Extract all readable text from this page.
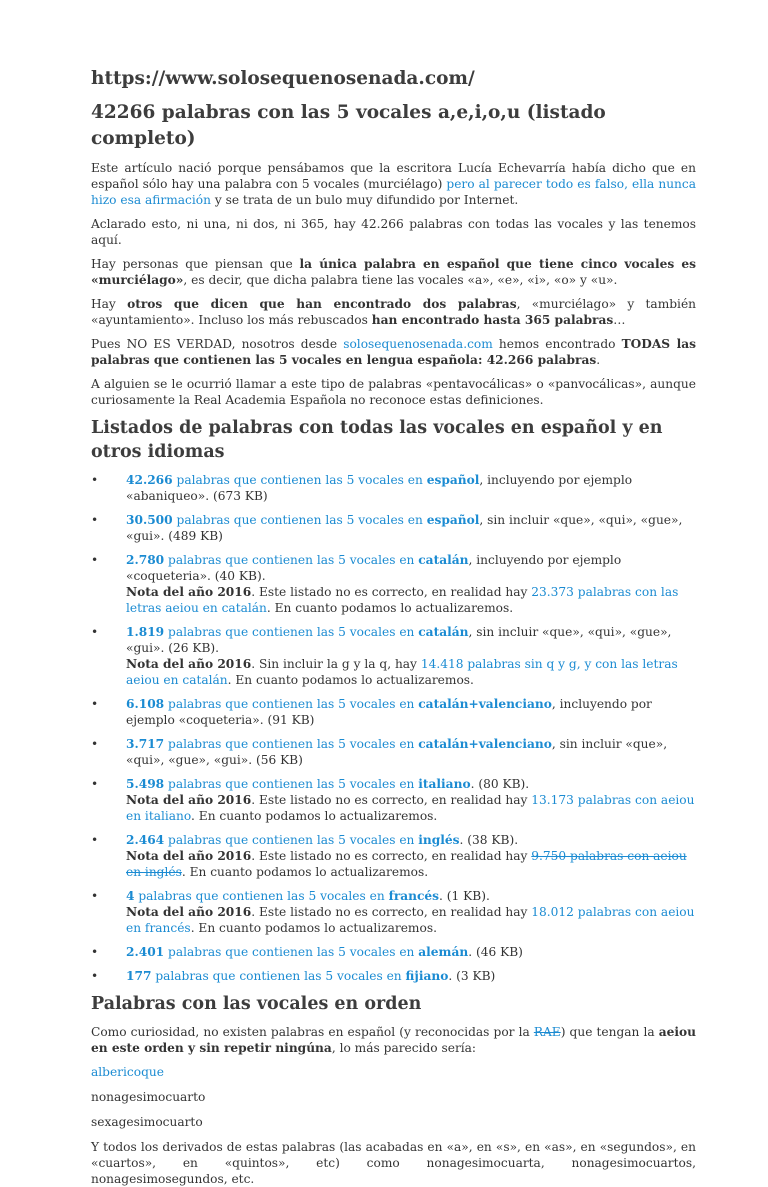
https://www.solosequenosenada.com/
42266 palabras con las 5 vocales a,e,i,o,u (listado completo)

Este artículo nació porque pensábamos que la escritora Lucía Echevarría había dicho que en español sólo hay una palabra con 5 vocales (murciélago) pero al parecer todo es falso, ella nunca hizo esa afirmación y se trata de un bulo muy difundido por Internet.

Aclarado esto, ni una, ni dos, ni 365, hay 42.266 palabras con todas las vocales y las tenemos aquí.

Hay personas que piensan que la única palabra en español que tiene cinco vocales es «murciélago», es decir, que dicha palabra tiene las vocales «a», «e», «i», «o» y «u».

Hay otros que dicen que han encontrado dos palabras, «murciélago» y también «ayuntamiento». Incluso los más rebuscados han encontrado hasta 365 palabras…

Pues NO ES VERDAD, nosotros desde solosequenosenada.com hemos encontrado TODAS las palabras que contienen las 5 vocales en lengua española: 42.266 palabras.

A alguien se le ocurrió llamar a este tipo de palabras «pentavocálicas» o «panvocálicas», aunque curiosamente la Real Academia Española no reconoce estas definiciones.

Listados de palabras con todas las vocales en español y en otros idiomas
• 42.266 palabras que contienen las 5 vocales en español, incluyendo por ejemplo «abaniqueo». (673 KB)
• 30.500 palabras que contienen las 5 vocales en español, sin incluir «que», «qui», «gue», «gui». (489 KB)
• 2.780 palabras que contienen las 5 vocales en catalán, incluyendo por ejemplo «coqueteria». (40 KB).
Nota del año 2016. Este listado no es correcto, en realidad hay 23.373 palabras con las letras aeiou en catalán. En cuanto podamos lo actualizaremos.
• 1.819 palabras que contienen las 5 vocales en catalán, sin incluir «que», «qui», «gue», «gui». (26 KB).
Nota del año 2016. Sin incluir la g y la q, hay 14.418 palabras sin q y g, y con las letras aeiou en catalán. En cuanto podamos lo actualizaremos.
• 6.108 palabras que contienen las 5 vocales en catalán+valenciano, incluyendo por ejemplo «coqueteria». (91 KB)
• 3.717 palabras que contienen las 5 vocales en catalán+valenciano, sin incluir «que», «qui», «gue», «gui». (56 KB)
• 5.498 palabras que contienen las 5 vocales en italiano. (80 KB).
Nota del año 2016. Este listado no es correcto, en realidad hay 13.173 palabras con aeiou en italiano. En cuanto podamos lo actualizaremos.
• 2.464 palabras que contienen las 5 vocales en inglés. (38 KB).
Nota del año 2016. Este listado no es correcto, en realidad hay 9.750 palabras con aeiou en inglés. En cuanto podamos lo actualizaremos.
• 4 palabras que contienen las 5 vocales en francés. (1 KB).
Nota del año 2016. Este listado no es correcto, en realidad hay 18.012 palabras con aeiou en francés. En cuanto podamos lo actualizaremos.
• 2.401 palabras que contienen las 5 vocales en alemán. (46 KB)
• 177 palabras que contienen las 5 vocales en fijiano. (3 KB)
Palabras con las vocales en orden

Como curiosidad, no existen palabras en español (y reconocidas por la RAE) que tengan la aeiou en este orden y sin repetir ningúna, lo más parecido sería:

albericoque

nonagesimocuarto

sexagesimocuarto

Y todos los derivados de estas palabras (las acabadas en «a», en «s», en «as», en «segundos», en «cuartos», en «quintos», etc) como nonagesimocuarta, nonagesimocuartos, nonagesimosegundos, etc.
